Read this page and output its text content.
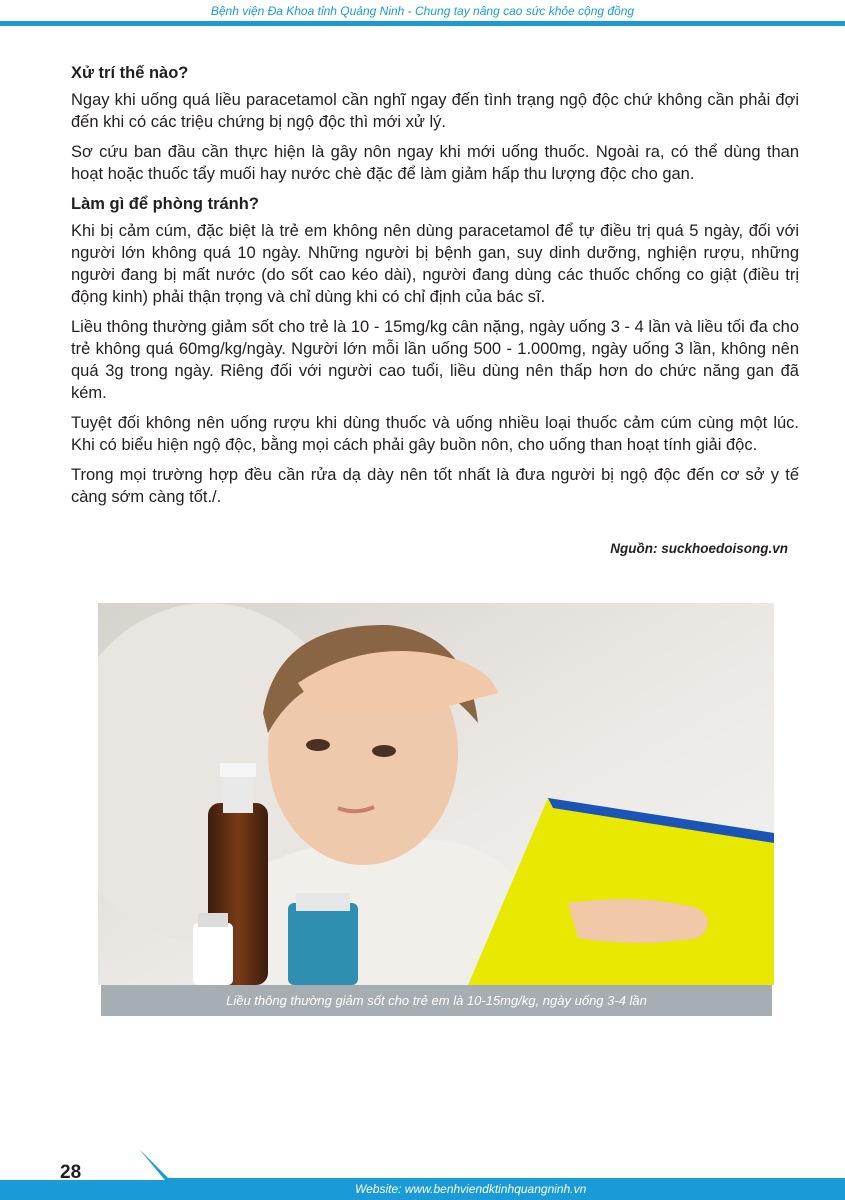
Bệnh viện Đa Khoa tỉnh Quảng Ninh - Chung tay nâng cao sức khỏe cộng đồng

Xử trí thế nào?

Ngay khi uống quá liều paracetamol cần nghĩ ngay đến tình trạng ngộ độc chứ không cần phải đợi đến khi có các triệu chứng bị ngộ độc thì mới xử lý.

Sơ cứu ban đầu cần thực hiện là gây nôn ngay khi mới uống thuốc. Ngoài ra, có thể dùng than hoạt hoặc thuốc tẩy muối hay nước chè đặc để làm giảm hấp thu lượng độc cho gan.

Làm gì để phòng tránh?

Khi bị cảm cúm, đặc biệt là trẻ em không nên dùng paracetamol để tự điều trị quá 5 ngày, đối với người lớn không quá 10 ngày. Những người bị bệnh gan, suy dinh dưỡng, nghiện rượu, những người đang bị mất nước (do sốt cao kéo dài), người đang dùng các thuốc chống co giật (điều trị động kinh) phải thận trọng và chỉ dùng khi có chỉ định của bác sĩ.

Liều thông thường giảm sốt cho trẻ là 10 - 15mg/kg cân nặng, ngày uống 3 - 4 lần và liều tối đa cho trẻ không quá 60mg/kg/ngày. Người lớn mỗi lần uống 500 - 1.000mg, ngày uống 3 lần, không nên quá 3g trong ngày. Riêng đối với người cao tuổi, liều dùng nên thấp hơn do chức năng gan đã kém.

Tuyệt đối không nên uống rượu khi dùng thuốc và uống nhiều loại thuốc cảm cúm cùng một lúc. Khi có biểu hiện ngộ độc, bằng mọi cách phải gây buồn nôn, cho uống than hoạt tính giải độc.

Trong mọi trường hợp đều cần rửa dạ dày nên tốt nhất là đưa người bị ngộ độc đến cơ sở y tế càng sớm càng tốt./.

Nguồn: suckhoedoisong.vn
Liều thông thường giảm sốt cho trẻ em là 10-15mg/kg, ngày uống 3-4 lần
28
Website: www.benhviendktinhquangninh.vn
